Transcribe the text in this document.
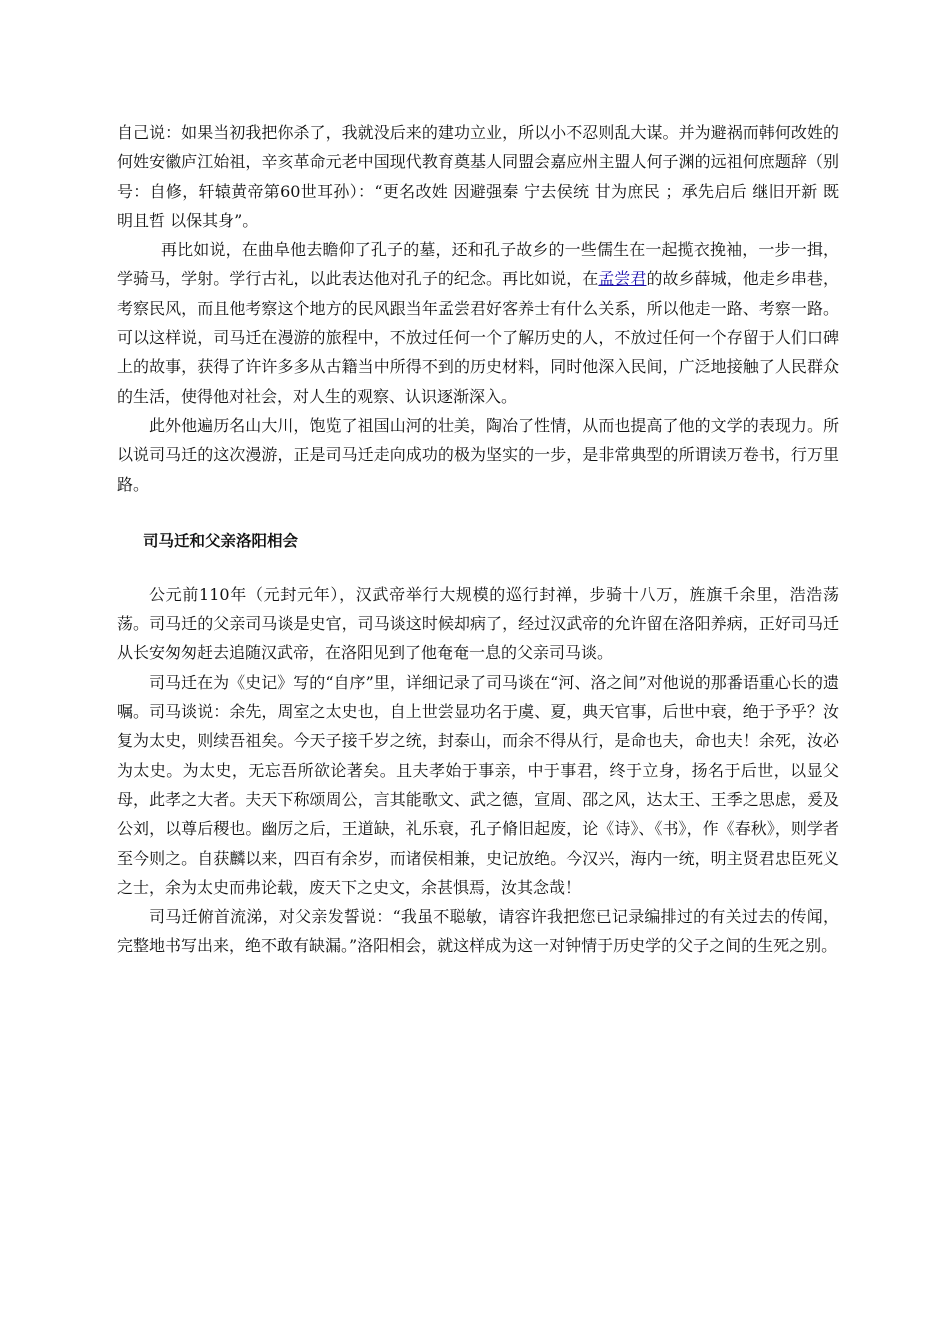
自己说：如果当初我把你杀了，我就没后来的建功立业，所以小不忍则乱大谋。并为避祸而韩何改姓的何姓安徽庐江始祖，辛亥革命元老中国现代教育奠基人同盟会嘉应州主盟人何子渊的远祖何庶题辞（别号：自修，轩辕黄帝第60世耳孙）：“更名改姓 因避强秦 宁去侯统 甘为庶民 ；承先启后 继旧开新 既明且哲 以保其身”。

再比如说，在曲阜他去瞻仰了孔子的墓，还和孔子故乡的一些儒生在一起揽衣挽袖，一步一揖，学骑马，学射。学行古礼，以此表达他对孔子的纪念。再比如说，在孟尝君的故乡薛城，他走乡串巷，考察民风，而且他考察这个地方的民风跟当年孟尝君好客养士有什么关系，所以他走一路、考察一路。可以这样说，司马迁在漫游的旅程中，不放过任何一个了解历史的人，不放过任何一个存留于人们口碑上的故事，获得了许许多多从古籍当中所得不到的历史材料，同时他深入民间，广泛地接触了人民群众的生活，使得他对社会，对人生的观察、认识逐渐深入。

此外他遍历名山大川，饱览了祖国山河的壮美，陶冶了性情，从而也提高了他的文学的表现力。所以说司马迁的这次漫游，正是司马迁走向成功的极为坚实的一步，是非常典型的所谓读万卷书，行万里路。

司马迁和父亲洛阳相会

公元前110年（元封元年），汉武帝举行大规模的巡行封禅，步骑十八万，旌旗千余里，浩浩荡荡。司马迁的父亲司马谈是史官，司马谈这时候却病了，经过汉武帝的允许留在洛阳养病，正好司马迁从长安匆匆赶去追随汉武帝，在洛阳见到了他奄奄一息的父亲司马谈。

司马迁在为《史记》写的“自序”里，详细记录了司马谈在“河、洛之间”对他说的那番语重心长的遗嘱。司马谈说：余先，周室之太史也，自上世尝显功名于虞、夏，典天官事，后世中衰，绝于予乎？汝复为太史，则续吾祖矣。今天子接千岁之统，封泰山，而余不得从行，是命也夫，命也夫！余死，汝必为太史。为太史，无忘吾所欲论著矣。且夫孝始于事亲，中于事君，终于立身，扬名于后世，以显父母，此孝之大者。夫天下称颂周公，言其能歌文、武之德，宣周、邵之风，达太王、王季之思虑，爰及公刘，以尊后稷也。幽厉之后，王道缺，礼乐衰，孔子脩旧起废，论《诗》、《书》，作《春秋》，则学者至今则之。自获麟以来，四百有余岁，而诸侯相兼，史记放绝。今汉兴，海内一统，明主贤君忠臣死义之士，余为太史而弗论载，废天下之史文，余甚惧焉，汝其念哉！

司马迁俯首流涕，对父亲发誓说：“我虽不聪敏，请容许我把您已记录编排过的有关过去的传闻，完整地书写出来，绝不敢有缺漏。”洛阳相会，就这样成为这一对钟情于历史学的父子之间的生死之别。
